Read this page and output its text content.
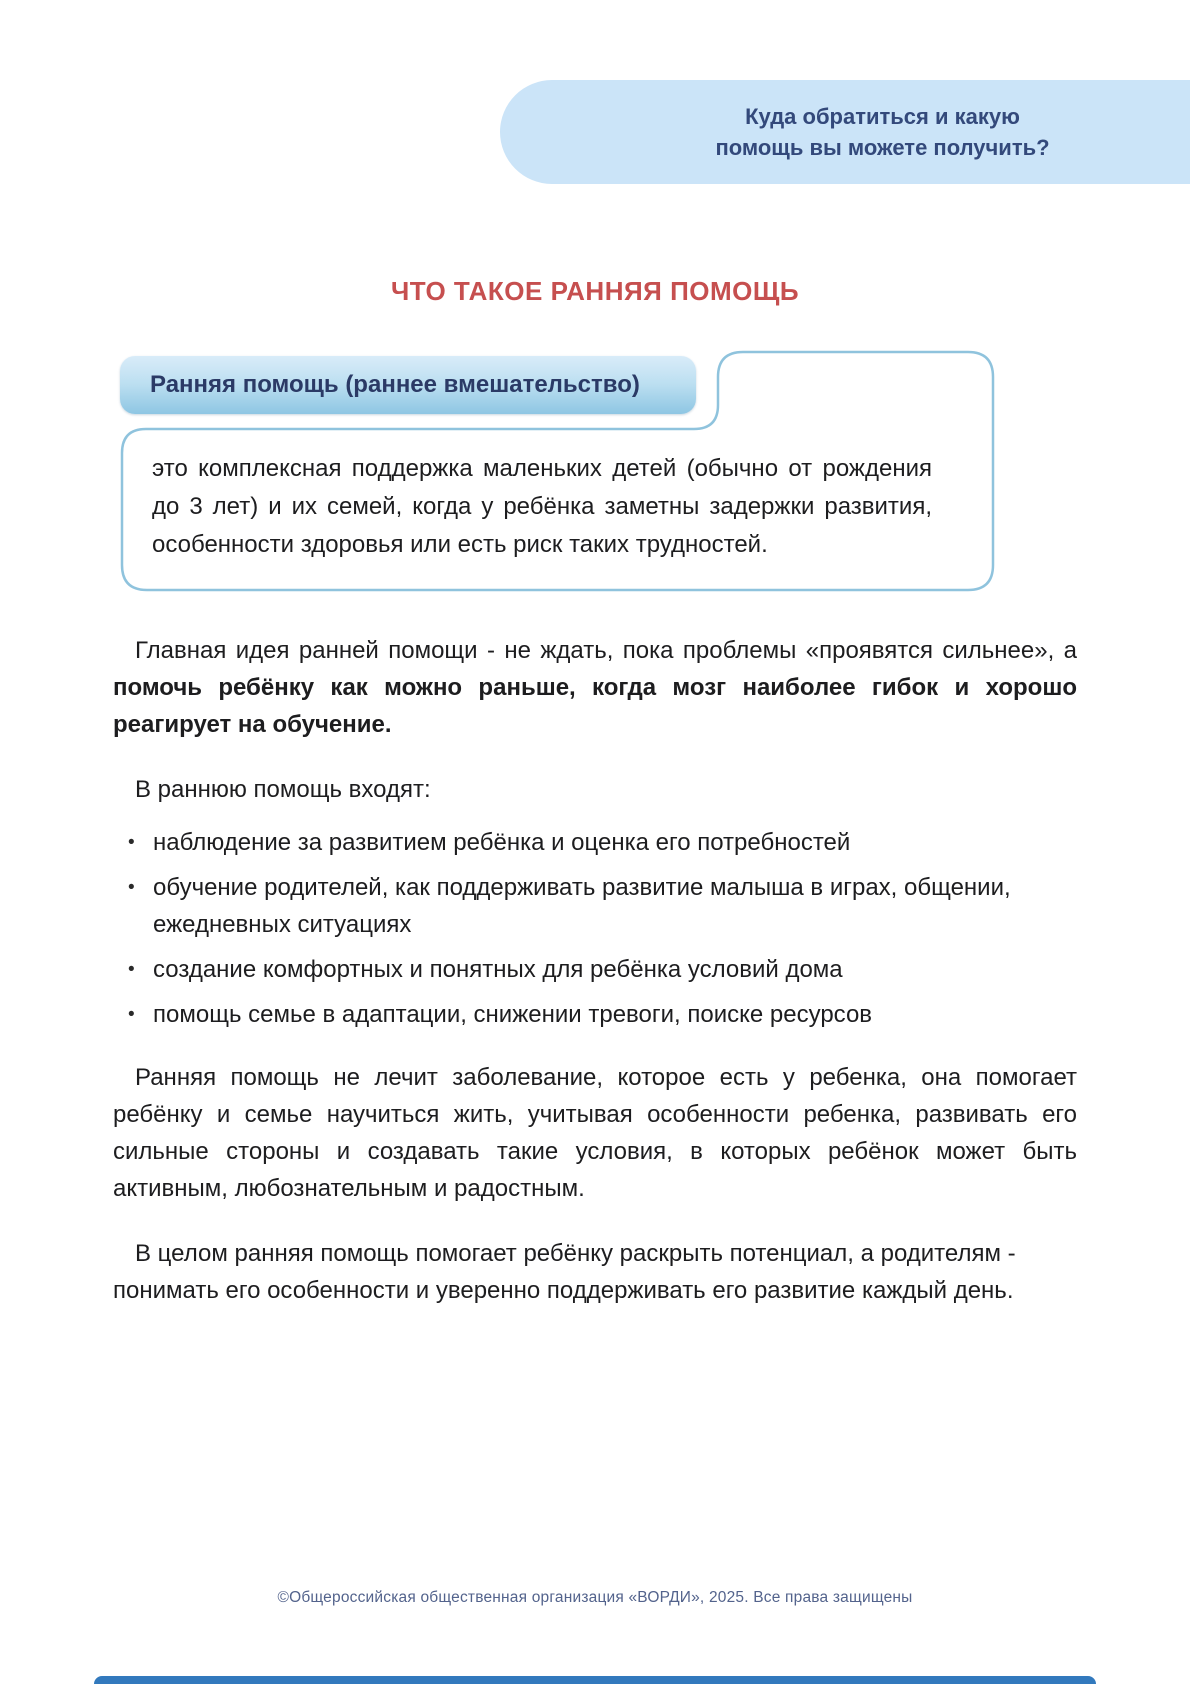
Куда обратиться и какую
помощь вы можете получить?
ЧТО ТАКОЕ РАННЯЯ ПОМОЩЬ
Ранняя помощь (раннее вмешательство)

это комплексная поддержка маленьких детей (обычно от рождения до 3 лет) и их семей, когда у ребёнка заметны задержки развития, особенности здоровья или есть риск таких трудностей.

Главная идея ранней помощи - не ждать, пока проблемы «проявятся сильнее», а помочь ребёнку как можно раньше, когда мозг наиболее гибок и хорошо реагирует на обучение.

В раннюю помощь входят:

• наблюдение за развитием ребёнка и оценка его потребностей
• обучение родителей, как поддерживать развитие малыша в играх, общении, ежедневных ситуациях
• создание комфортных и понятных для ребёнка условий дома
• помощь семье в адаптации, снижении тревоги, поиске ресурсов

Ранняя помощь не лечит заболевание, которое есть у ребенка, она помогает ребёнку и семье научиться жить, учитывая особенности ребенка, развивать его сильные стороны и создавать такие условия, в которых ребёнок может быть активным, любознательным и радостным.

В целом ранняя помощь помогает ребёнку раскрыть потенциал, а родителям - понимать его особенности и уверенно поддерживать его развитие каждый день.

©Общероссийская общественная организация «ВОРДИ», 2025. Все права защищены
